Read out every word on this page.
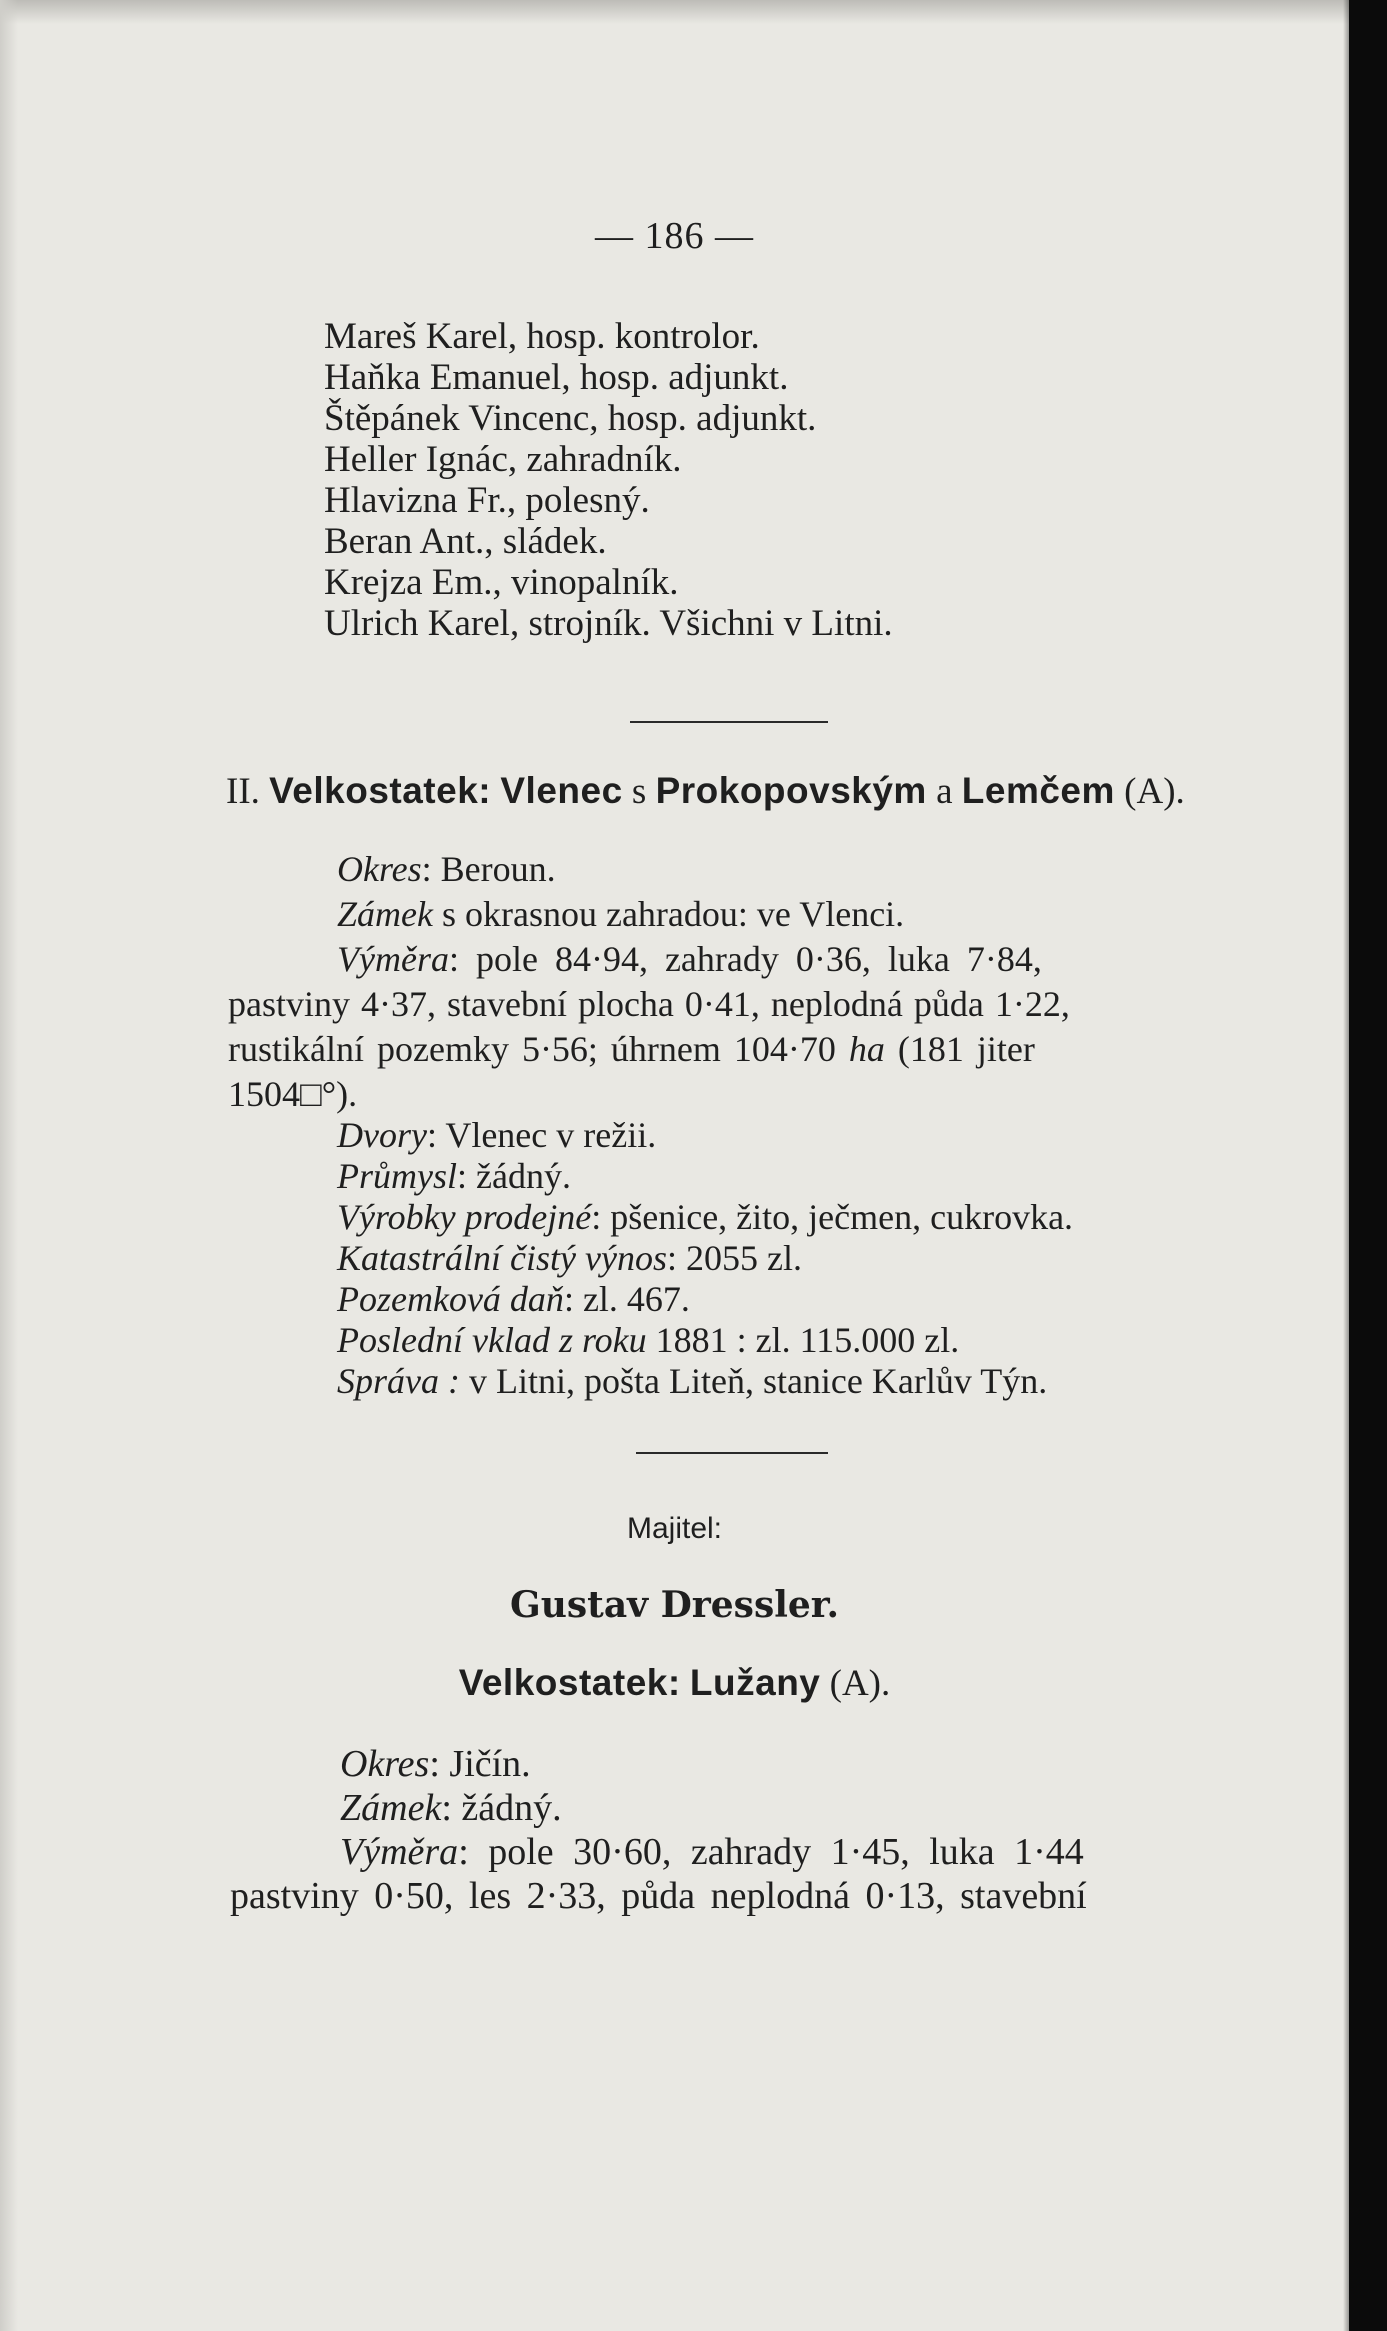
— 186 —
Mareš Karel, hosp. kontrolor.
Haňka Emanuel, hosp. adjunkt.
Štěpánek Vincenc, hosp. adjunkt.
Heller Ignác, zahradník.
Hlavizna Fr., polesný.
Beran Ant., sládek.
Krejza Em., vinopalník.
Ulrich Karel, strojník. Všichni v Litni.
II. Velkostatek: Vlenec s Prokopovským a Lemčem (A).
Okres: Beroun.
Zámek s okrasnou zahradou: ve Vlenci.
Výměra: pole 84·94, zahrady 0·36, luka 7·84,
pastviny 4·37, stavební plocha 0·41, neplodná půda 1·22,
rustikální pozemky 5·56; úhrnem 104·70 ha (181 jiter
1504□°).
Dvory: Vlenec v režii.
Průmysl: žádný.
Výrobky prodejné: pšenice, žito, ječmen, cukrovka.
Katastrální čistý výnos: 2055 zl.
Pozemková daň: zl. 467.
Poslední vklad z roku 1881 : zl. 115.000 zl.
Správa : v Litni, pošta Liteň, stanice Karlův Týn.
Majitel:
Gustav Dressler.
Velkostatek: Lužany (A).
Okres: Jičín.
Zámek: žádný.
Výměra: pole 30·60, zahrady 1·45, luka 1·44
pastviny 0·50, les 2·33, půda neplodná 0·13, stavební
